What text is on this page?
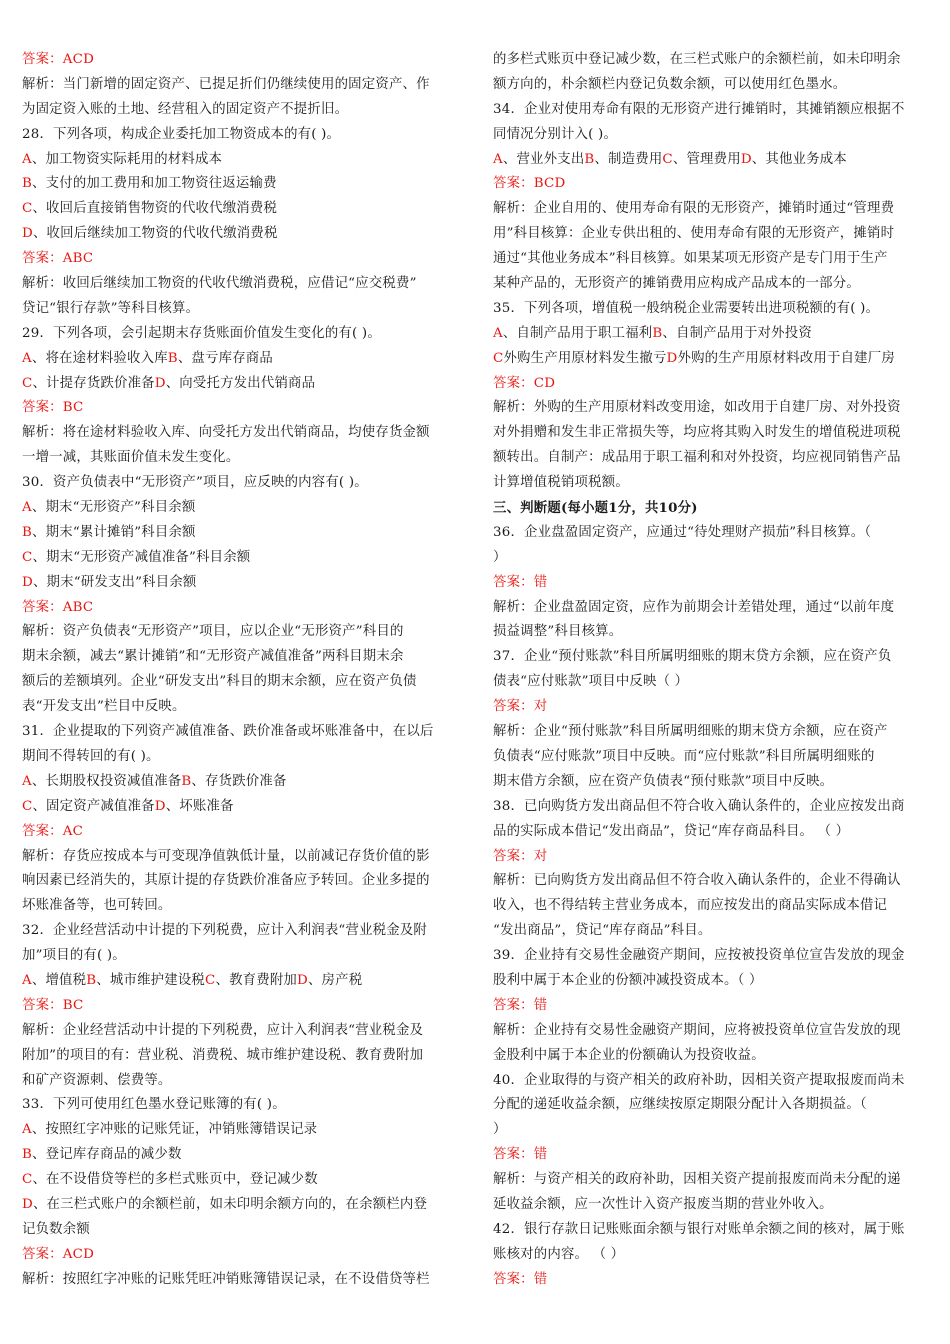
答案：ACD
解析：当门新增的固定资产、已提足折们仍继续使用的固定资产、作
为固定资入账的土地、经营租入的固定资产不提折旧。
28．下列各项，构成企业委托加工物资成本的有( )。
A、加工物资实际耗用的材料成本
B、支付的加工费用和加工物资往返运输费
C、收回后直接销售物资的代收代缴消费税
D、收回后继续加工物资的代收代缴消费税
答案：ABC
解析：收回后继续加工物资的代收代缴消费税，应借记“应交税费”
贷记“银行存款”等科目核算。
29．下列各项，会引起期末存货账面价值发生变化的有( )。
A、将在途材料验收入库B、盘亏库存商品
C、计提存货跌价准备D、向受托方发出代销商品
答案：BC
解析：将在途材料验收入库、向受托方发出代销商品，均使存货金额
一增一减，其账面价值未发生变化。
30．资产负债表中“无形资产”项目，应反映的内容有( )。
A、期末“无形资产”科目余额
B、期末“累计摊销”科目余额
C、期末“无形资产减值准备”科目余额
D、期末“研发支出”科目余额
答案：ABC
解析：资产负债表“无形资产”项目，应以企业“无形资产”科目的
期末余额，减去“累计摊销”和“无形资产减值准备”两科目期末余
额后的差额填列。企业“研发支出”科目的期末余额，应在资产负债
表“开发支出”栏目中反映。
31．企业提取的下列资产减值准备、跌价准备或坏账准备中，在以后
期间不得转回的有( )。
A、长期股权投资减值准备B、存货跌价准备
C、固定资产减值准备D、坏账准备
答案：AC
解析：存货应按成本与可变现净值孰低计量，以前减记存货价值的影
响因素已经消失的，其原计提的存货跌价准备应予转回。企业多提的
坏账准备等，也可转回。
32．企业经营活动中计提的下列税费，应计入利润表“营业税金及附
加”项目的有( )。
A、增值税B、城市维护建设税C、教育费附加D、房产税
答案：BC
解析：企业经营活动中计提的下列税费，应计入利润表“营业税金及
附加”的项目的有：营业税、消费税、城市维护建设税、教育费附加
和矿产资源刺、偿费等。
33．下列可使用红色墨水登记账簿的有( )。
A、按照红字冲账的记账凭证，冲销账簿错误记录
B、登记库存商品的减少数
C、在不设借贷等栏的多栏式账页中，登记减少数
D、在三栏式账户的余额栏前，如未印明余额方向的，在余额栏内登
记负数余额
答案：ACD
解析：按照红字冲账的记账凭旺冲销账簿错误记录，在不设借贷等栏
的多栏式账页中登记减少数，在三栏式账户的余额栏前，如未印明余
额方向的，朴余额栏内登记负数余额，可以使用红色墨水。
34．企业对使用寿命有限的无形资产进行摊销时，其摊销额应根据不
同情况分别计入( )。
A、营业外支出B、制造费用C、管理费用D、其他业务成本
答案：BCD
解析：企业自用的、使用寿命有限的无形资产，摊销时通过“管理费
用”科目核算：企业专供出租的、使用寿命有限的无形资产，摊销时
通过“其他业务成本”科目核算。如果某项无形资产是专门用于生产
某种产品的，无形资产的摊销费用应构成产品成本的一部分。
35．下列各项，增值税一般纳税企业需要转出进项税额的有( )。
A、自制产品用于职工福利B、自制产品用于对外投资
C外购生产用原材料发生撤亏D外购的生产用原材料改用于自建厂房
答案：CD
解析：外购的生产用原材料改变用途，如改用于自建厂房、对外投资
对外捐赠和发生非正常损失等，均应将其购入时发生的增值税进项税
额转出。自制产：成品用于职工福利和对外投资，均应视同销售产品
计算增值税销项税额。
三、判断题(每小题1分，共10分)
36．企业盘盈固定资产，应通过“待处理财产损茄”科目核算。（
）
答案：错
解析：企业盘盈固定资，应作为前期会计差错处理，通过“以前年度
损益调整”科目核算。
37．企业“预付账款”科目所属明细账的期末贷方余额，应在资产负
债表“应付账款”项目中反映（ ）
答案：对
解析：企业“预付账款”科目所属明细账的期末贷方余额，应在资产
负债表“应付账款”项目中反映。而“应付账款”科目所属明细账的
期末借方余额，应在资产负债表“预付账款”项目中反映。
38．已向购货方发出商品但不符合收入确认条件的，企业应按发出商
品的实际成本借记“发出商品”，贷记“库存商品科目。 （ ）
答案：对
解析：已向购货方发出商品但不符合收入确认条件的，企业不得确认
收入，也不得结转主营业务成本，而应按发出的商品实际成本借记
“发出商品”，贷记“库存商品”科目。
39．企业持有交易性金融资产期间，应按被投资单位宣告发放的现金
股利中属于本企业的份额冲减投资成本。（ ）
答案：错
解析：企业持有交易性金融资产期间，应将被投资单位宣告发放的现
金股利中属于本企业的份额确认为投资收益。
40．企业取得的与资产相关的政府补助，因相关资产提取报废而尚未
分配的递延收益余额，应继续按原定期限分配计入各期损益。（
）
答案：错
解析：与资产相关的政府补助，因相关资产提前报废而尚未分配的递
延收益余额，应一次性计入资产报废当期的营业外收入。
42．银行存款日记账账面余额与银行对账单余额之间的核对，属于账
账核对的内容。 （ ）
答案：错
